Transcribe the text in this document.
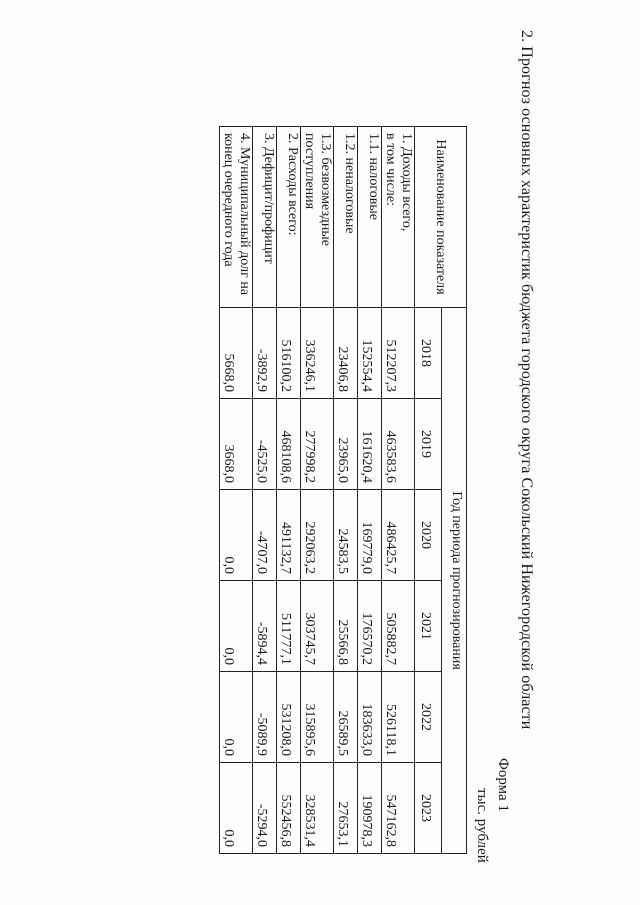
2. Прогноз основных характеристик бюджета городского округа Сокольский Нижегородской области
Форма 1
тыс. рублей
Наименование показателя	Год периода прогнозирования					
	2018	2019	2020	2021	2022	2023
1. Доходы всего,
в том числе:	512207,3	463583,6	486425,7	505882,7	526118,1	547162,8
1.1. налоговые	152554,4	161620,4	169779,0	176570,2	183633,0	190978,3
1.2. неналоговые	23406,8	23965,0	24583,5	25566,8	26589,5	27653,1
1.3. безвозмездные
поступления	336246,1	277998,2	292063,2	303745,7	315895,6	328531,4
2. Расходы всего:	516100,2	468108,6	491132,7	511777,1	531208,0	552456,8
3. Дефицит/профицит	-3892,9	-4525,0	-4707,0	-5894,4	-5089,9	-5294,0
4. Муниципальный долг на
конец очередного года	5668,0	3668,0	0,0	0,0	0,0	0,0
